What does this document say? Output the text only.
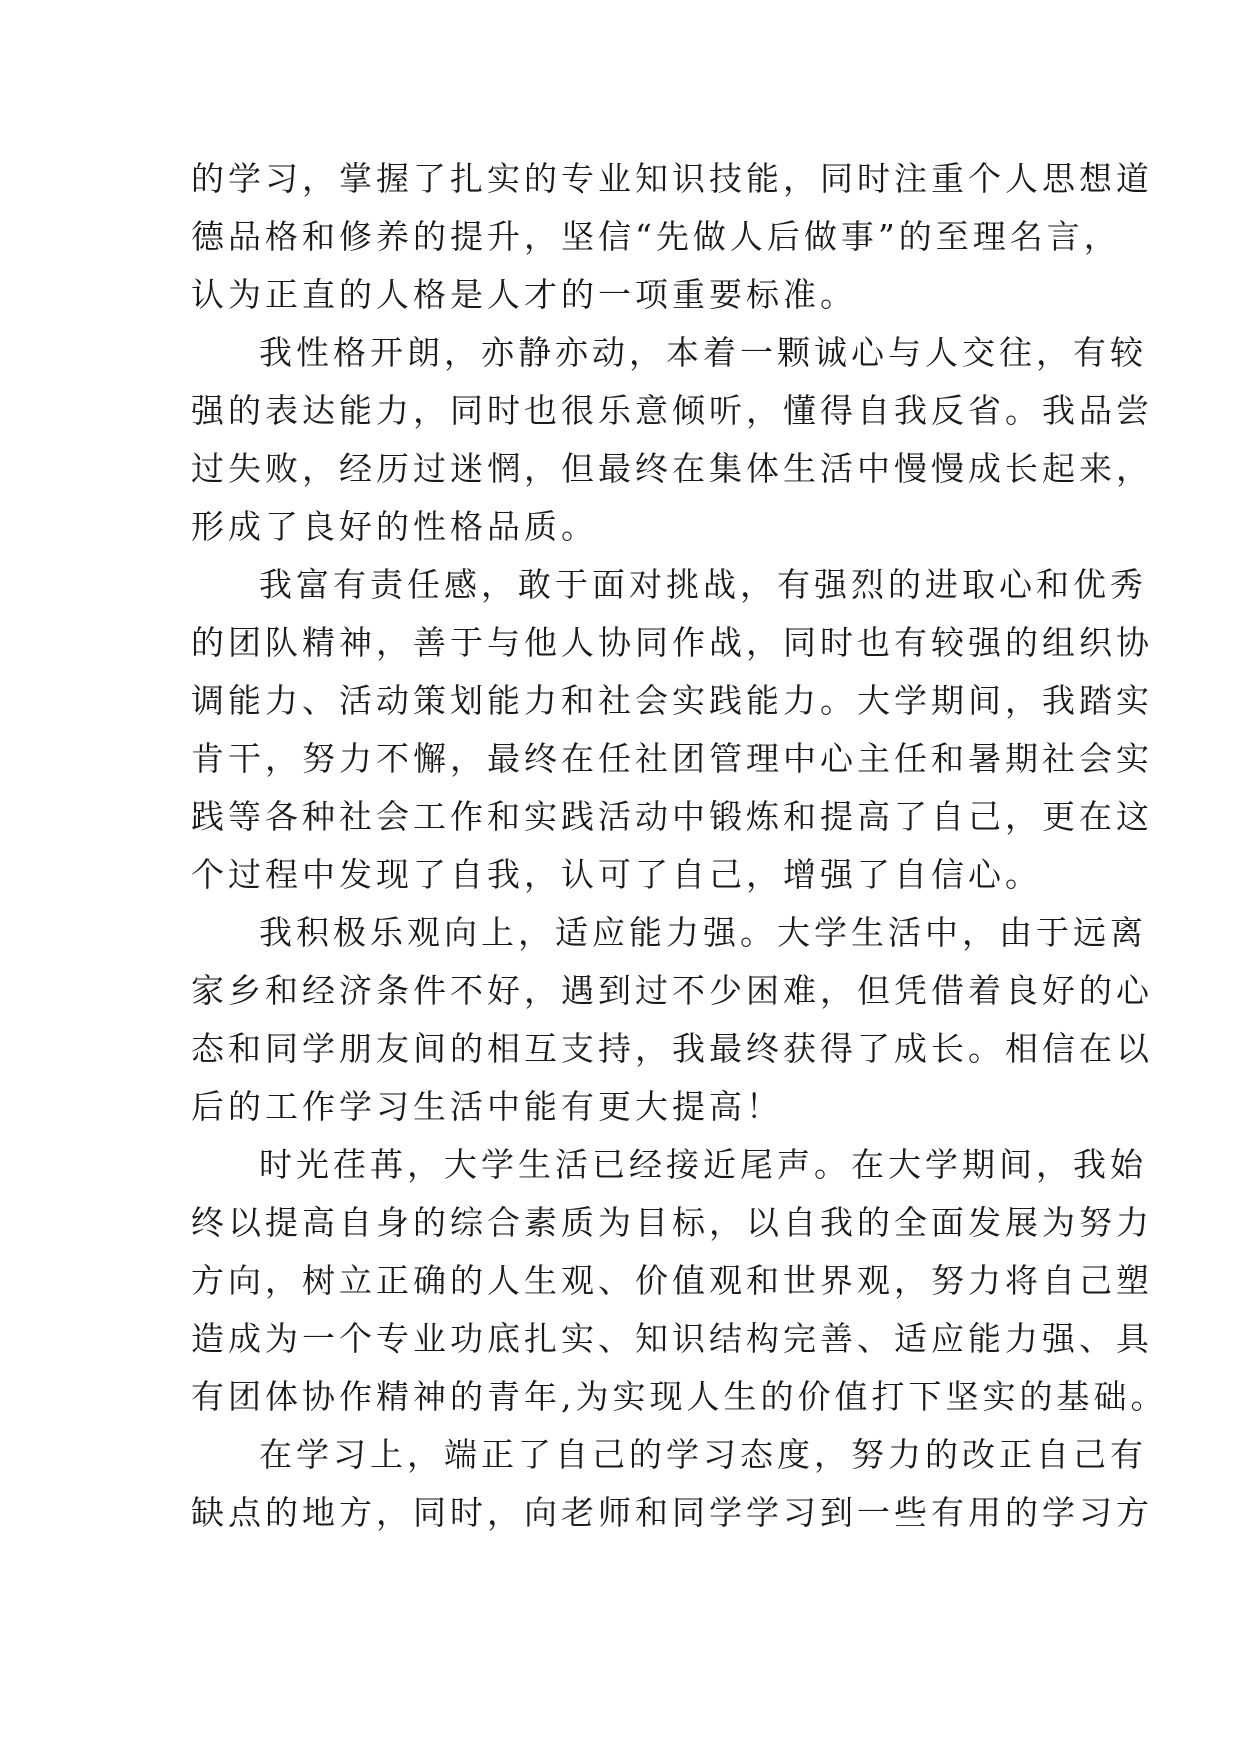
的学习，掌握了扎实的专业知识技能，同时注重个人思想道
德品格和修养的提升，坚信“先做人后做事”的至理名言，
认为正直的人格是人才的一项重要标准。
我性格开朗，亦静亦动，本着一颗诚心与人交往，有较
强的表达能力，同时也很乐意倾听，懂得自我反省。我品尝
过失败，经历过迷惘，但最终在集体生活中慢慢成长起来，
形成了良好的性格品质。
我富有责任感，敢于面对挑战，有强烈的进取心和优秀
的团队精神，善于与他人协同作战，同时也有较强的组织协
调能力、活动策划能力和社会实践能力。大学期间，我踏实
肯干，努力不懈，最终在任社团管理中心主任和暑期社会实
践等各种社会工作和实践活动中锻炼和提高了自己，更在这
个过程中发现了自我，认可了自己，增强了自信心。
我积极乐观向上，适应能力强。大学生活中，由于远离
家乡和经济条件不好，遇到过不少困难，但凭借着良好的心
态和同学朋友间的相互支持，我最终获得了成长。相信在以
后的工作学习生活中能有更大提高！
时光荏苒，大学生活已经接近尾声。在大学期间，我始
终以提高自身的综合素质为目标，以自我的全面发展为努力
方向，树立正确的人生观、价值观和世界观，努力将自己塑
造成为一个专业功底扎实、知识结构完善、适应能力强、具
有团体协作精神的青年,为实现人生的价值打下坚实的基础。
在学习上，端正了自己的学习态度，努力的改正自己有
缺点的地方，同时，向老师和同学学习到一些有用的学习方
